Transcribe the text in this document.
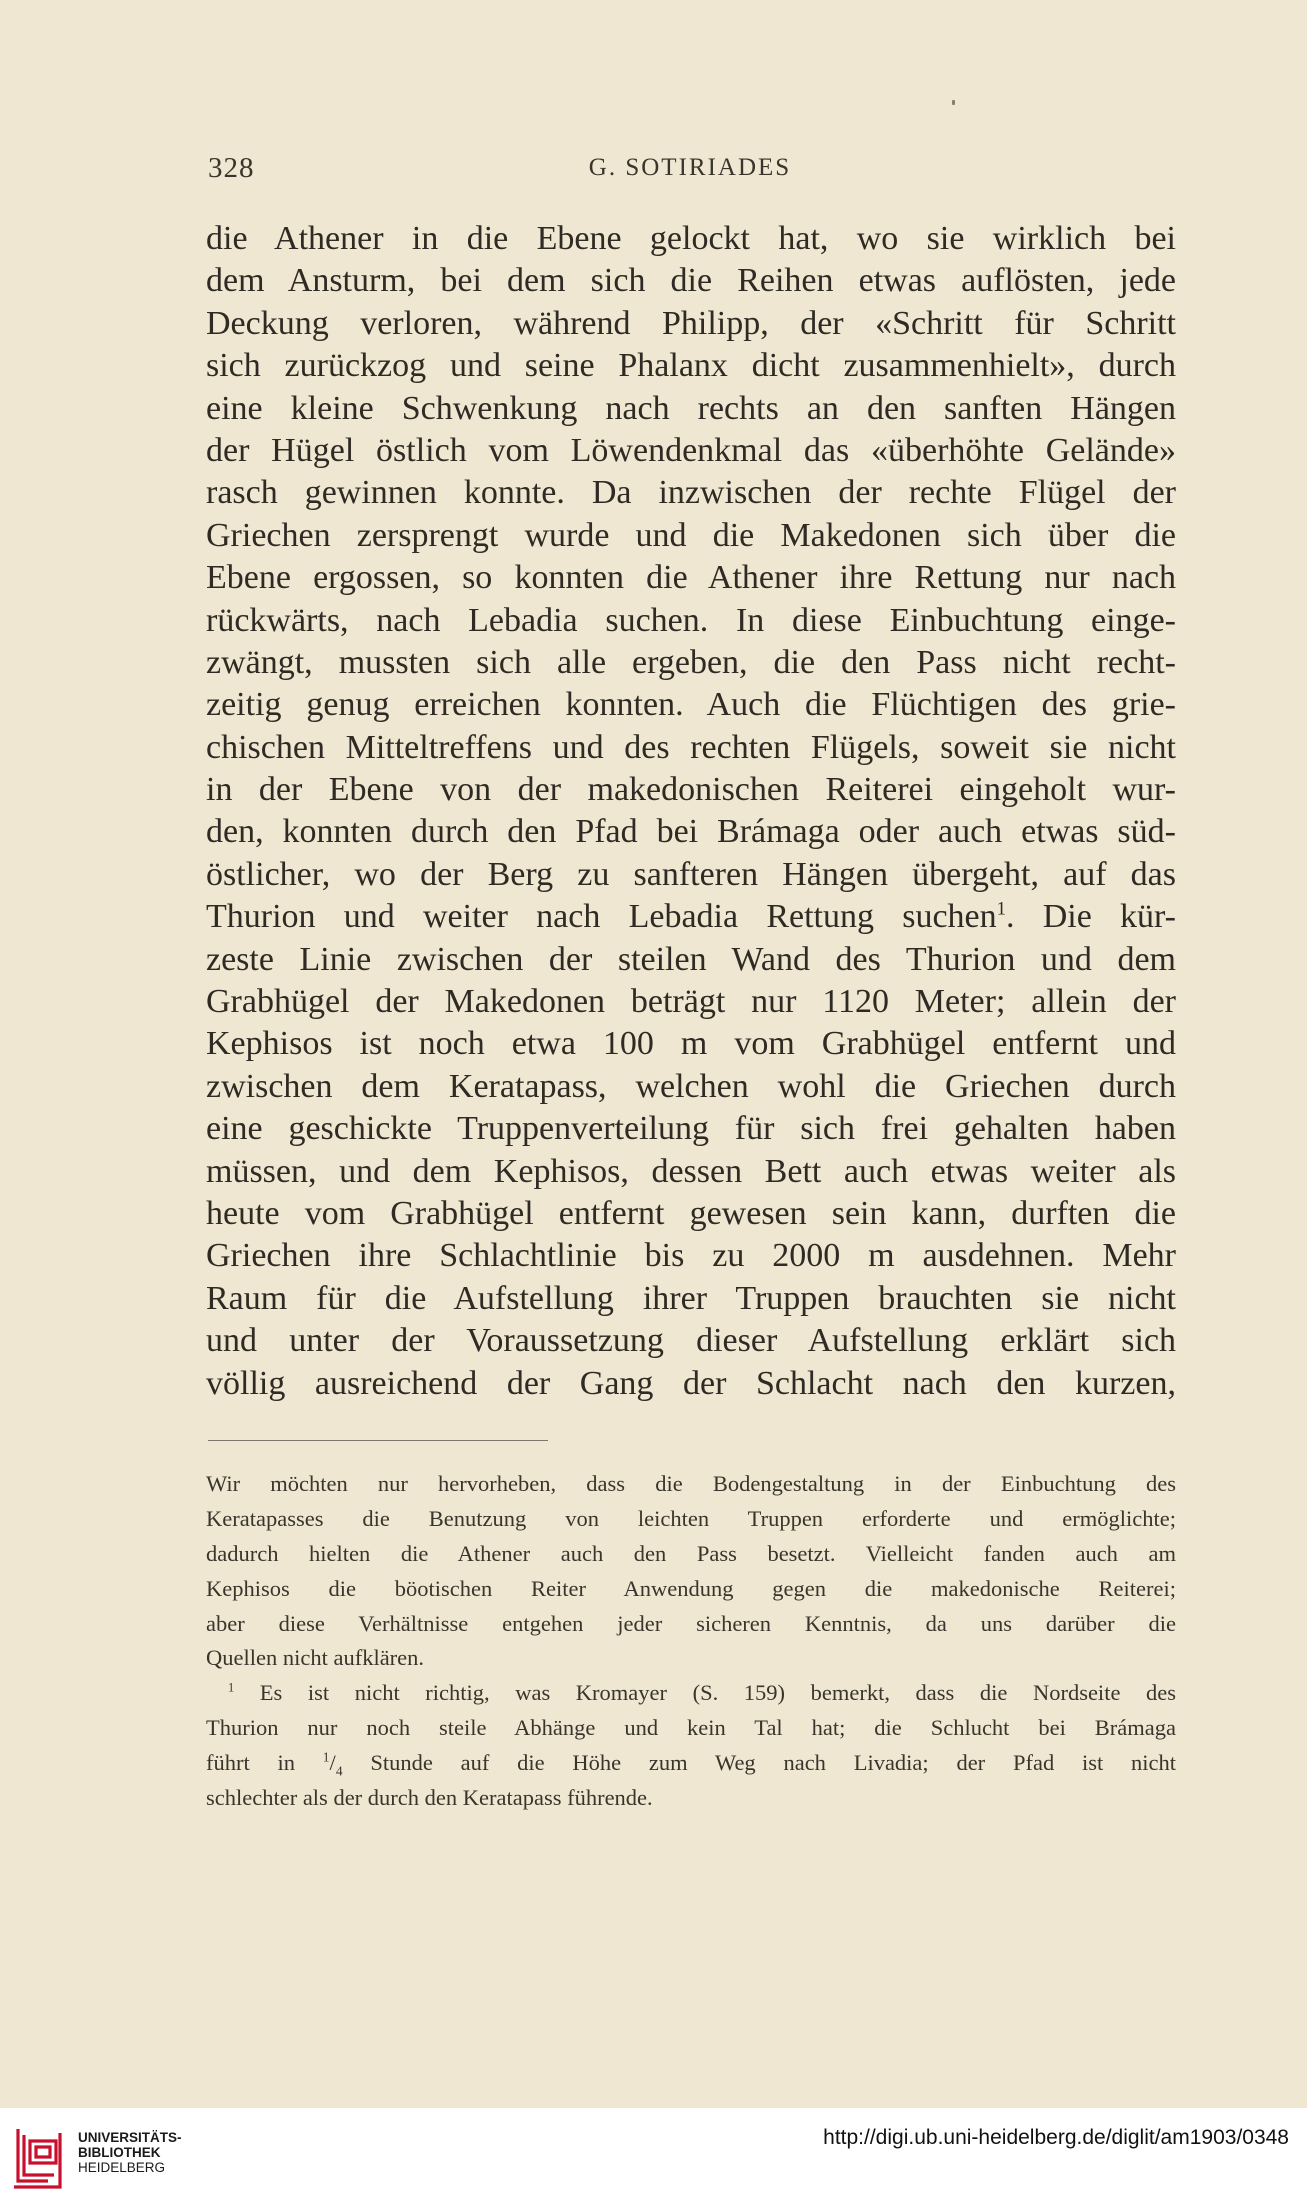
328	G. SOTIRIADES
die Athener in die Ebene gelockt hat, wo sie wirklich bei
dem Ansturm, bei dem sich die Reihen etwas auflösten, jede
Deckung verloren, während Philipp, der «Schritt für Schritt
sich zurückzog und seine Phalanx dicht zusammenhielt», durch
eine kleine Schwenkung nach rechts an den sanften Hängen
der Hügel östlich vom Löwendenkmal das «überhöhte Gelände»
rasch gewinnen konnte. Da inzwischen der rechte Flügel der
Griechen zersprengt wurde und die Makedonen sich über die
Ebene ergossen, so konnten die Athener ihre Rettung nur nach
rückwärts, nach Lebadia suchen. In diese Einbuchtung einge-
zwängt, mussten sich alle ergeben, die den Pass nicht recht-
zeitig genug erreichen konnten. Auch die Flüchtigen des grie-
chischen Mitteltreffens und des rechten Flügels, soweit sie nicht
in der Ebene von der makedonischen Reiterei eingeholt wur-
den, konnten durch den Pfad bei Brámaga oder auch etwas süd-
östlicher, wo der Berg zu sanfteren Hängen übergeht, auf das
Thurion und weiter nach Lebadia Rettung suchen$^1$. Die kür-
zeste Linie zwischen der steilen Wand des Thurion und dem
Grabhügel der Makedonen beträgt nur 1120 Meter; allein der
Kephisos ist noch etwa 100 m vom Grabhügel entfernt und
zwischen dem Keratapass, welchen wohl die Griechen durch
eine geschickte Truppenverteilung für sich frei gehalten haben
müssen, und dem Kephisos, dessen Bett auch etwas weiter als
heute vom Grabhügel entfernt gewesen sein kann, durften die
Griechen ihre Schlachtlinie bis zu 2000 m ausdehnen. Mehr
Raum für die Aufstellung ihrer Truppen brauchten sie nicht
und unter der Voraussetzung dieser Aufstellung erklärt sich
völlig ausreichend der Gang der Schlacht nach den kurzen,
Wir möchten nur hervorheben, dass die Bodengestaltung in der Einbuchtung des
Keratapasses die Benutzung von leichten Truppen erforderte und ermöglichte;
dadurch hielten die Athener auch den Pass besetzt. Vielleicht fanden auch am
Kephisos die böotischen Reiter Anwendung gegen die makedonische Reiterei;
aber diese Verhältnisse entgehen jeder sicheren Kenntnis, da uns darüber die
Quellen nicht aufklären.
$^1$ Es ist nicht richtig, was Kromayer (S. 159) bemerkt, dass die Nordseite des
Thurion nur noch steile Abhänge und kein Tal hat; die Schlucht bei Brámaga
führt in $^1/_4$ Stunde auf die Höhe zum Weg nach Livadia; der Pfad ist nicht
schlechter als der durch den Keratapass führende.
UNIVERSITÄTS-
BIBLIOTHEK
HEIDELBERG
http://digi.ub.uni-heidelberg.de/diglit/am1903/0348
